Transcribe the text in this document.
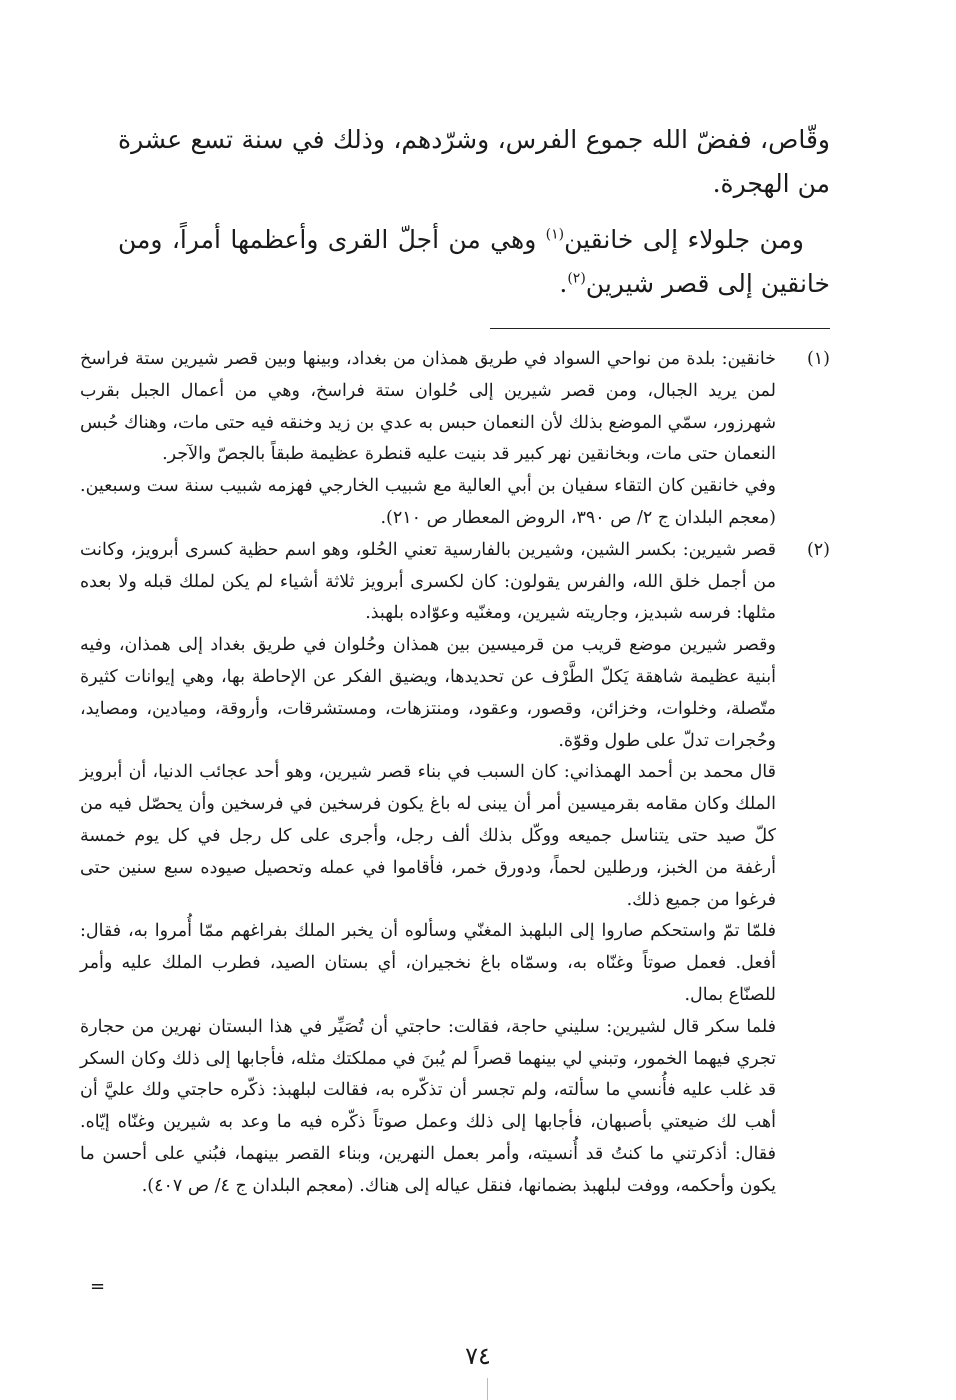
وقّاص، ففضّ الله جموع الفرس، وشرّدهم، وذلك في سنة تسع عشرة من الهجرة.

ومن جلولاء إلى خانقين$^{(١)}$ وهي من أجلّ القرى وأعظمها أمراً، ومن خانقين إلى قصر شيرين$^{(٢)}$.

(١)

خانقين: بلدة من نواحي السواد في طريق همذان من بغداد، وبينها وبين قصر شيرين ستة فراسخ لمن يريد الجبال، ومن قصر شيرين إلى حُلوان ستة فراسخ، وهي من أعمال الجبل بقرب شهرزور، سمّي الموضع بذلك لأن النعمان حبس به عدي بن زيد وخنقه فيه حتى مات، وهناك حُبس النعمان حتى مات، وبخانقين نهر كبير قد بنيت عليه قنطرة عظيمة طبقاً بالجصّ والآجر.

وفي خانقين كان التقاء سفيان بن أبي العالية مع شبيب الخارجي فهزمه شبيب سنة ست وسبعين. (معجم البلدان ج ٢/ ص ٣٩٠، الروض المعطار ص ٢١٠).

(٢)

قصر شيرين: بكسر الشين، وشيرين بالفارسية تعني الحُلو، وهو اسم حظية كسرى أبرويز، وكانت من أجمل خلق الله، والفرس يقولون: كان لكسرى أبرويز ثلاثة أشياء لم يكن لملك قبله ولا بعده مثلها: فرسه شبديز، وجاريته شيرين، ومغنّيه وعوّاده بلهبذ.

وقصر شيرين موضع قريب من قرميسين بين همذان وحُلوان في طريق بغداد إلى همذان، وفيه أبنية عظيمة شاهقة يَكلّ الطَّرْف عن تحديدها، ويضيق الفكر عن الإحاطة بها، وهي إيوانات كثيرة متّصلة، وخلوات، وخزائن، وقصور، وعقود، ومنتزهات، ومستشرقات، وأروقة، وميادين، ومصايد، وحُجرات تدلّ على طول وقوّة.

قال محمد بن أحمد الهمذاني: كان السبب في بناء قصر شيرين، وهو أحد عجائب الدنيا، أن أبرويز الملك وكان مقامه بقرميسين أمر أن يبنى له باغ يكون فرسخين في فرسخين وأن يحصّل فيه من كلّ صيد حتى يتناسل جميعه ووكّل بذلك ألف رجل، وأجرى على كل رجل في كل يوم خمسة أرغفة من الخبز، ورطلين لحماً، ودورق خمر، فأقاموا في عمله وتحصيل صيوده سبع سنين حتى فرغوا من جميع ذلك.

فلمّا تمّ واستحكم صاروا إلى البلهبذ المغنّي وسألوه أن يخبر الملك بفراغهم ممّا أُمروا به، فقال: أفعل. فعمل صوتاً وغنّاه به، وسمّاه باغ نخجيران، أي بستان الصيد، فطرب الملك عليه وأمر للصنّاع بمال.

فلما سكر قال لشيرين: سليني حاجة، فقالت: حاجتي أن تُصَيِّر في هذا البستان نهرين من حجارة تجري فيهما الخمور، وتبني لي بينهما قصراً لم يُبنَ في مملكتك مثله، فأجابها إلى ذلك وكان السكر قد غلب عليه فأُنسي ما سألته، ولم تجسر أن تذكّره به، فقالت لبلهبذ: ذكّره حاجتي ولك عليَّ أن أهب لك ضيعتي بأصبهان، فأجابها إلى ذلك وعمل صوتاً ذكّره فيه ما وعد به شيرين وغنّاه إيّاه. فقال: أذكرتني ما كنتُ قد أُنسيته، وأمر بعمل النهرين، وبناء القصر بينهما، فبُني على أحسن ما يكون وأحكمه، ووفت لبلهبذ بضمانها، فنقل عياله إلى هناك. (معجم البلدان ج ٤/ ص ٤٠٧).

=
٧٤
